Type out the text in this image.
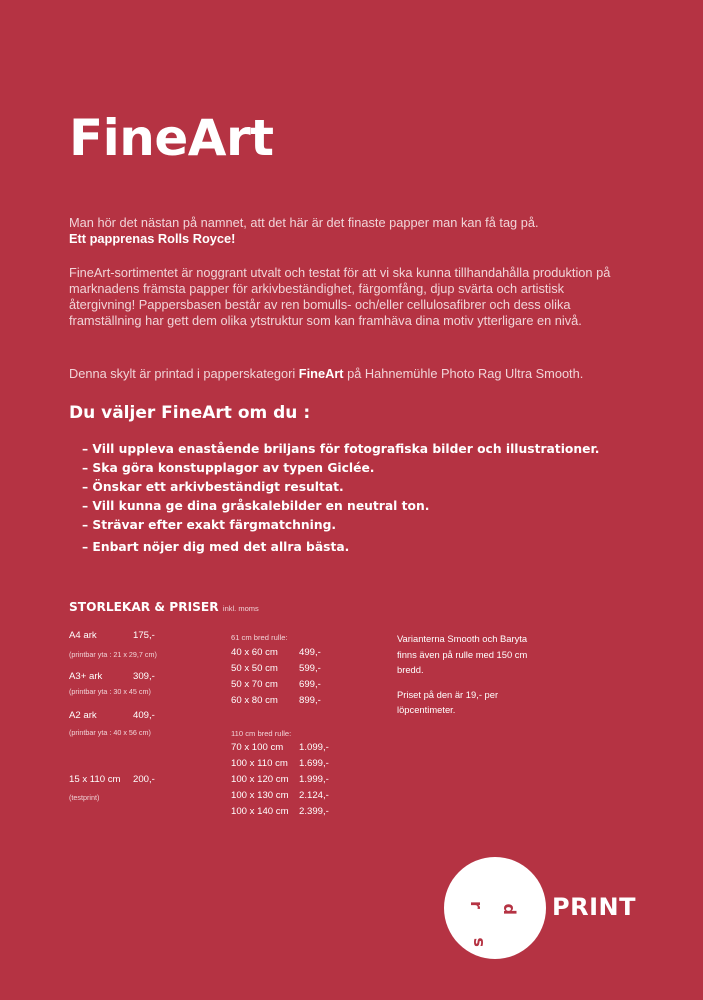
FineArt

Man hör det nästan på namnet, att det här är det finaste papper man kan få tag på.

Ett papprenas Rolls Royce!

FineArt-sortimentet är noggrant utvalt och testat för att vi ska kunna tillhandahålla produktion på marknadens främsta papper för arkivbeständighet, färgomfång, djup svärta och artistisk återgivning! Pappersbasen består av ren bomulls- och/eller cellulosafibrer och dess olika framställning har gett dem olika ytstruktur som kan framhäva dina motiv ytterligare en nivå.
Denna skylt är printad i papperskategori FineArt på Hahnemühle Photo Rag Ultra Smooth.
Du väljer FineArt om du :
– Vill uppleva enastående briljans för fotografiska bilder och illustrationer.
– Ska göra konstupplagor av typen Giclée.
– Önskar ett arkivbeständigt resultat.
– Vill kunna ge dina gråskalebilder en neutral ton.
– Strävar efter exakt färgmatchning.
– Enbart nöjer dig med det allra bästa.
STORLEKAR & PRISER inkl. moms
A4 ark	175,-
(printbar yta : 21 x 29,7 cm)
A3+ ark	309,-
(printbar yta : 30 x 45 cm)
A2 ark	409,-
(printbar yta : 40 x 56 cm)
15 x 110 cm 200,-
(testprint)
61 cm bred rulle:
40 x 60 cm 499,-
50 x 50 cm 599,-
50 x 70 cm 699,-
60 x 80 cm 899,-
110 cm bred rulle:
70 x 100 cm 1.099,-
100 x 110 cm 1.699,-
100 x 120 cm 1.999,-
100 x 130 cm 2.124,-
100 x 140 cm 2.399,-

Varianterna Smooth och Baryta finns även på rulle med 150 cm bredd.

Priset på den är 19,- per löpcentimeter.

r
s
p PRINT
